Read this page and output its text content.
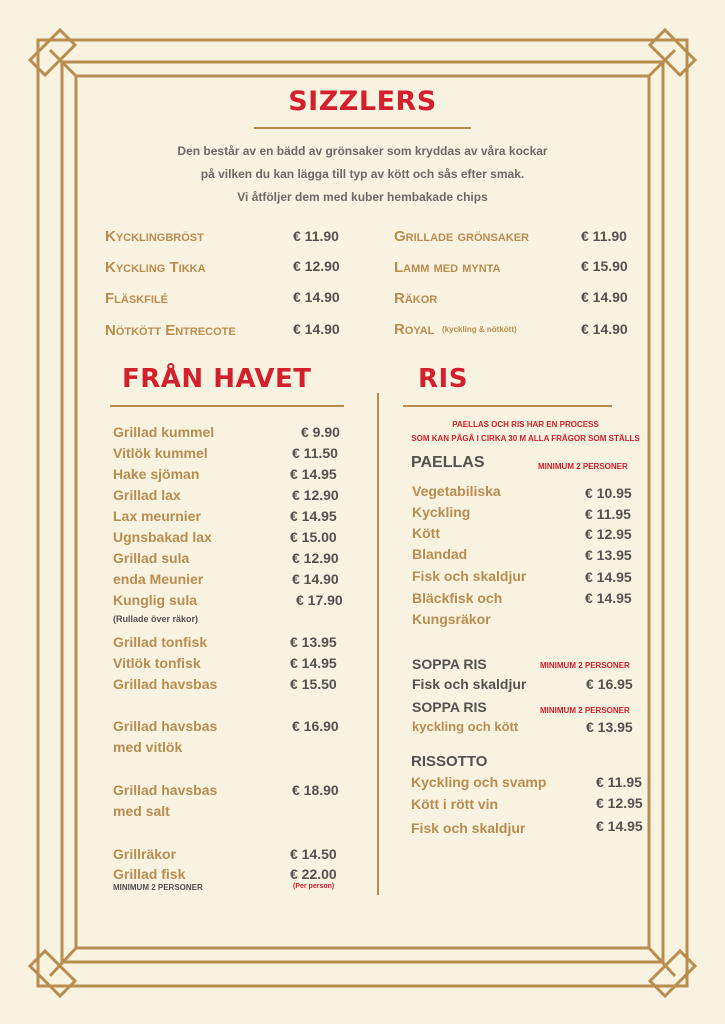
SIZZLERS
Den består av en bädd av grönsaker som kryddas av våra kockar
på vilken du kan lägga till typ av kött och sås efter smak.
Vi åtföljer dem med kuber hembakade chips
Kycklingbröst	€ 11.90
Kyckling Tikka	€ 12.90
Fläskfilé	€ 14.90
Nötkött Entrecote	€ 14.90
Grillade grönsaker	€ 11.90
Lamm med mynta	€ 15.90
Räkor	€ 14.90
Royal (kyckling & nötkött)	€ 14.90
FRÅN HAVET
Grillad kummel	€ 9.90
Vitlök kummel	€ 11.50
Hake sjöman	€ 14.95
Grillad lax	€ 12.90
Lax meurnier	€ 14.95
Ugnsbakad lax	€ 15.00
Grillad sula	€ 12.90
enda Meunier	€ 14.90
Kunglig sula	€ 17.90
(Rullade över räkor)
Grillad tonfisk	€ 13.95
Vitlök tonfisk	€ 14.95
Grillad havsbas	€ 15.50
Grillad havsbas	€ 16.90
med vitlök
Grillad havsbas	€ 18.90
med salt
Grillräkor	€ 14.50
Grillad fisk	€ 22.00
MINIMUM 2 PERSONER	(Per person)
RIS
PAELLAS OCH RIS HAR EN PROCESS
SOM KAN PÅGÅ I CIRKA 30 M ALLA FRÅGOR SOM STÄLLS
PAELLAS	MINIMUM 2 PERSONER
Vegetabiliska	€ 10.95
Kyckling	€ 11.95
Kött	€ 12.95
Blandad	€ 13.95
Fisk och skaldjur	€ 14.95
Bläckfisk och	€ 14.95
Kungsräkor
SOPPA RIS	MINIMUM 2 PERSONER
Fisk och skaldjur	€ 16.95
SOPPA RIS	MINIMUM 2 PERSONER
kyckling och kött	€ 13.95
RISSOTTO
Kyckling och svamp	€ 11.95
Kött i rött vin	€ 12.95
Fisk och skaldjur	€ 14.95
